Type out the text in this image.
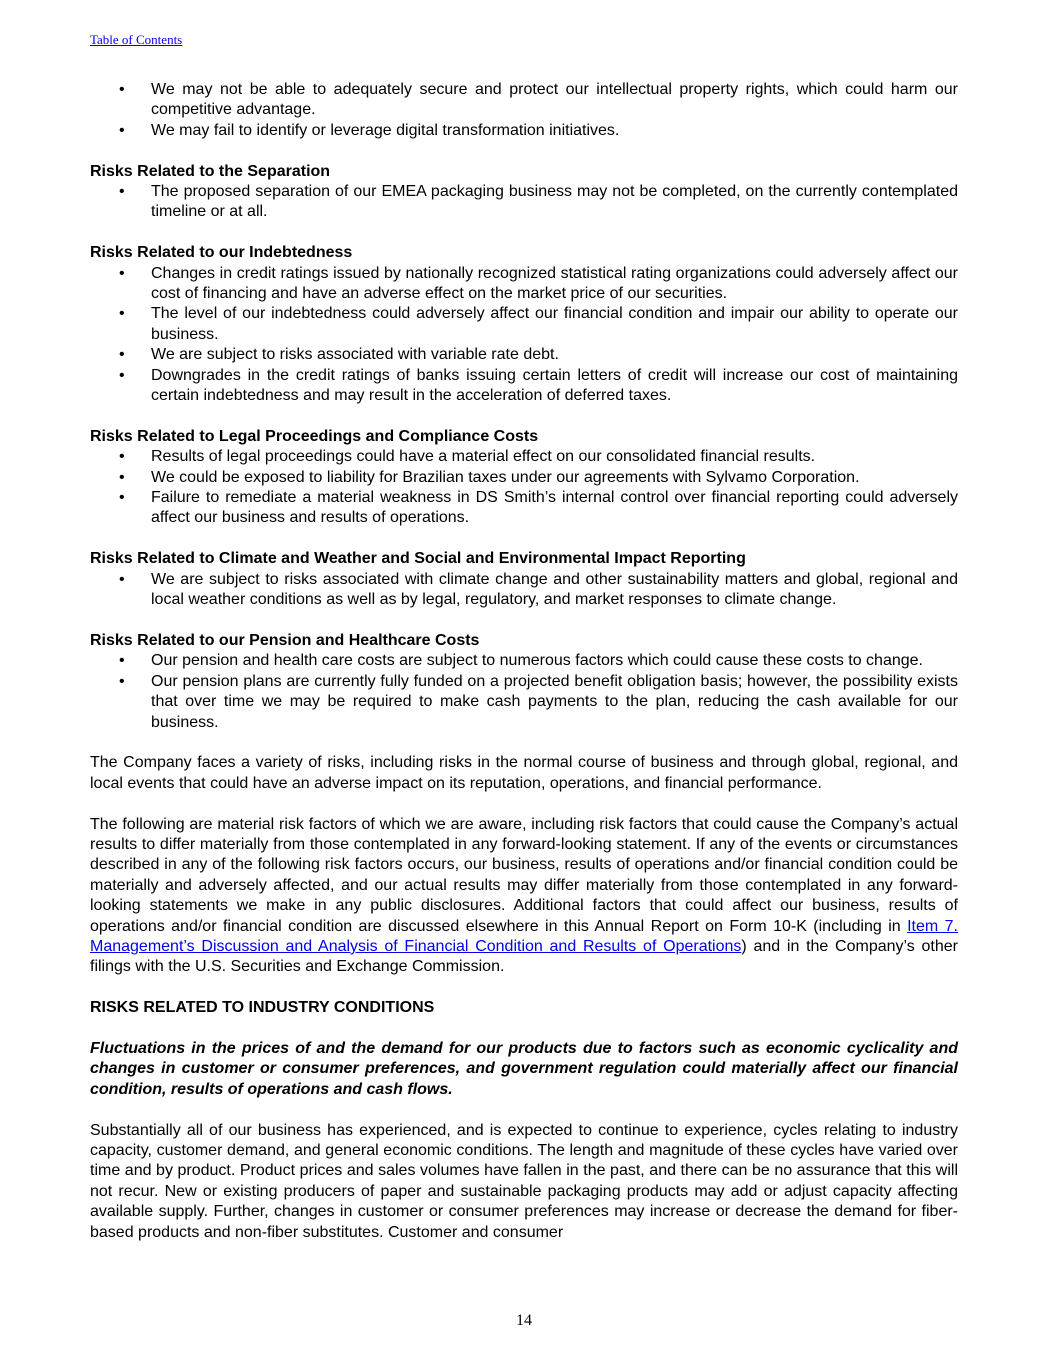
Table of Contents
• We may not be able to adequately secure and protect our intellectual property rights, which could harm our competitive advantage.
• We may fail to identify or leverage digital transformation initiatives.
Risks Related to the Separation
• The proposed separation of our EMEA packaging business may not be completed, on the currently contemplated timeline or at all.
Risks Related to our Indebtedness
• Changes in credit ratings issued by nationally recognized statistical rating organizations could adversely affect our cost of financing and have an adverse effect on the market price of our securities.
• The level of our indebtedness could adversely affect our financial condition and impair our ability to operate our business.
• We are subject to risks associated with variable rate debt.
• Downgrades in the credit ratings of banks issuing certain letters of credit will increase our cost of maintaining certain indebtedness and may result in the acceleration of deferred taxes.
Risks Related to Legal Proceedings and Compliance Costs
• Results of legal proceedings could have a material effect on our consolidated financial results.
• We could be exposed to liability for Brazilian taxes under our agreements with Sylvamo Corporation.
• Failure to remediate a material weakness in DS Smith’s internal control over financial reporting could adversely affect our business and results of operations.
Risks Related to Climate and Weather and Social and Environmental Impact Reporting
• We are subject to risks associated with climate change and other sustainability matters and global, regional and local weather conditions as well as by legal, regulatory, and market responses to climate change.
Risks Related to our Pension and Healthcare Costs
• Our pension and health care costs are subject to numerous factors which could cause these costs to change.
• Our pension plans are currently fully funded on a projected benefit obligation basis; however, the possibility exists that over time we may be required to make cash payments to the plan, reducing the cash available for our business.

The Company faces a variety of risks, including risks in the normal course of business and through global, regional, and local events that could have an adverse impact on its reputation, operations, and financial performance.

The following are material risk factors of which we are aware, including risk factors that could cause the Company’s actual results to differ materially from those contemplated in any forward-looking statement. If any of the events or circumstances described in any of the following risk factors occurs, our business, results of operations and/or financial condition could be materially and adversely affected, and our actual results may differ materially from those contemplated in any forward-looking statements we make in any public disclosures. Additional factors that could affect our business, results of operations and/or financial condition are discussed elsewhere in this Annual Report on Form 10-K (including in Item 7. Management’s Discussion and Analysis of Financial Condition and Results of Operations) and in the Company’s other filings with the U.S. Securities and Exchange Commission.

RISKS RELATED TO INDUSTRY CONDITIONS
Fluctuations in the prices of and the demand for our products due to factors such as economic cyclicality and changes in customer or consumer preferences, and government regulation could materially affect our financial condition, results of operations and cash flows.

Substantially all of our business has experienced, and is expected to continue to experience, cycles relating to industry capacity, customer demand, and general economic conditions. The length and magnitude of these cycles have varied over time and by product. Product prices and sales volumes have fallen in the past, and there can be no assurance that this will not recur. New or existing producers of paper and sustainable packaging products may add or adjust capacity affecting available supply. Further, changes in customer or consumer preferences may increase or decrease the demand for fiber-based products and non-fiber substitutes. Customer and consumer

14
